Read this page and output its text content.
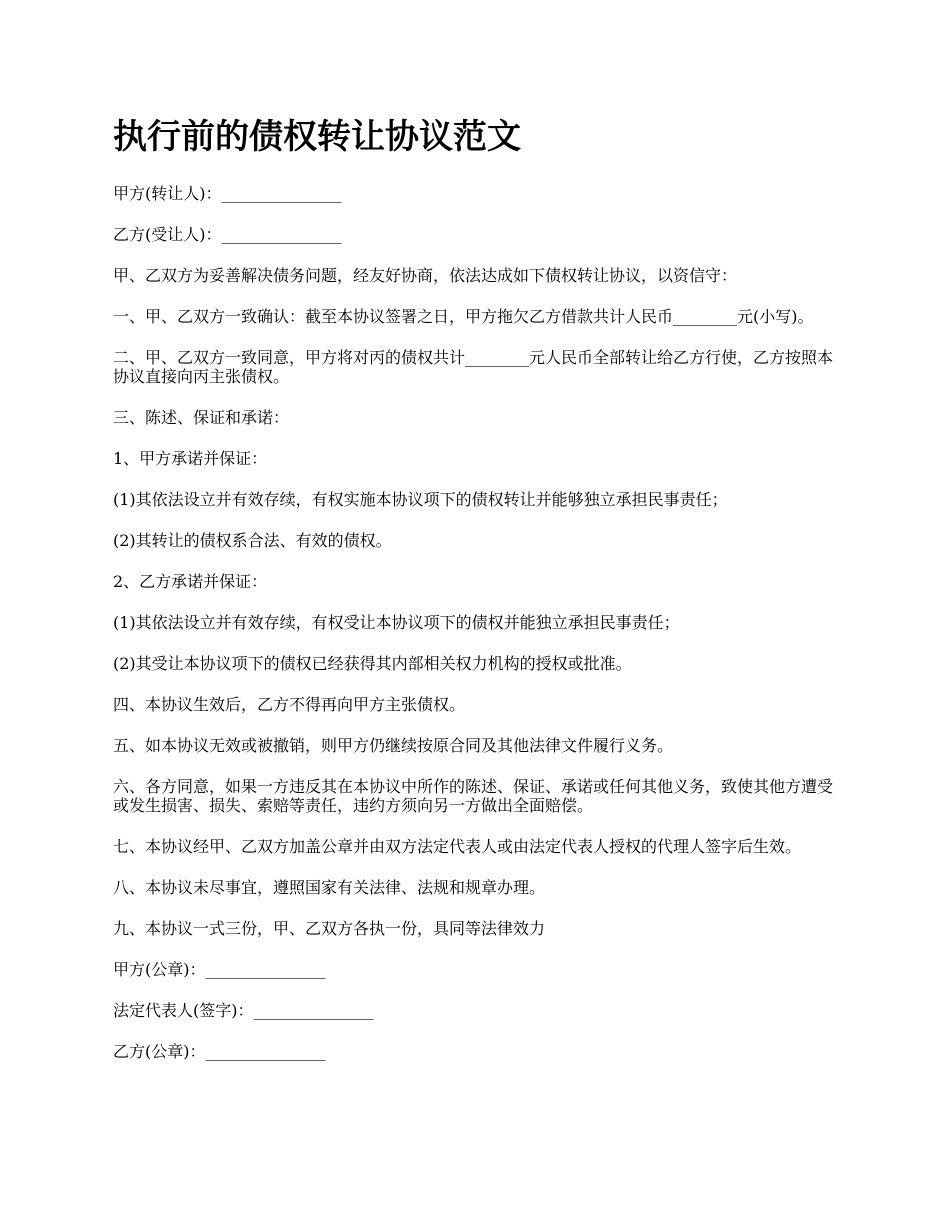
执行前的债权转让协议范文

甲方(转让人)：_______________

乙方(受让人)：_______________

甲、乙双方为妥善解决债务问题，经友好协商，依法达成如下债权转让协议，以资信守：

一、甲、乙双方一致确认：截至本协议签署之日，甲方拖欠乙方借款共计人民币________元(小写)。

二、甲、乙双方一致同意，甲方将对丙的债权共计________元人民币全部转让给乙方行使，乙方按照本协议直接向丙主张债权。

三、陈述、保证和承诺：

1、甲方承诺并保证：

(1)其依法设立并有效存续，有权实施本协议项下的债权转让并能够独立承担民事责任；

(2)其转让的债权系合法、有效的债权。

2、乙方承诺并保证：

(1)其依法设立并有效存续，有权受让本协议项下的债权并能独立承担民事责任；

(2)其受让本协议项下的债权已经获得其内部相关权力机构的授权或批准。

四、本协议生效后，乙方不得再向甲方主张债权。

五、如本协议无效或被撤销，则甲方仍继续按原合同及其他法律文件履行义务。

六、各方同意，如果一方违反其在本协议中所作的陈述、保证、承诺或任何其他义务，致使其他方遭受或发生损害、损失、索赔等责任，违约方须向另一方做出全面赔偿。

七、本协议经甲、乙双方加盖公章并由双方法定代表人或由法定代表人授权的代理人签字后生效。

八、本协议未尽事宜，遵照国家有关法律、法规和规章办理。

九、本协议一式三份，甲、乙双方各执一份，具同等法律效力

甲方(公章)：_______________

法定代表人(签字)：_______________

乙方(公章)：_______________
